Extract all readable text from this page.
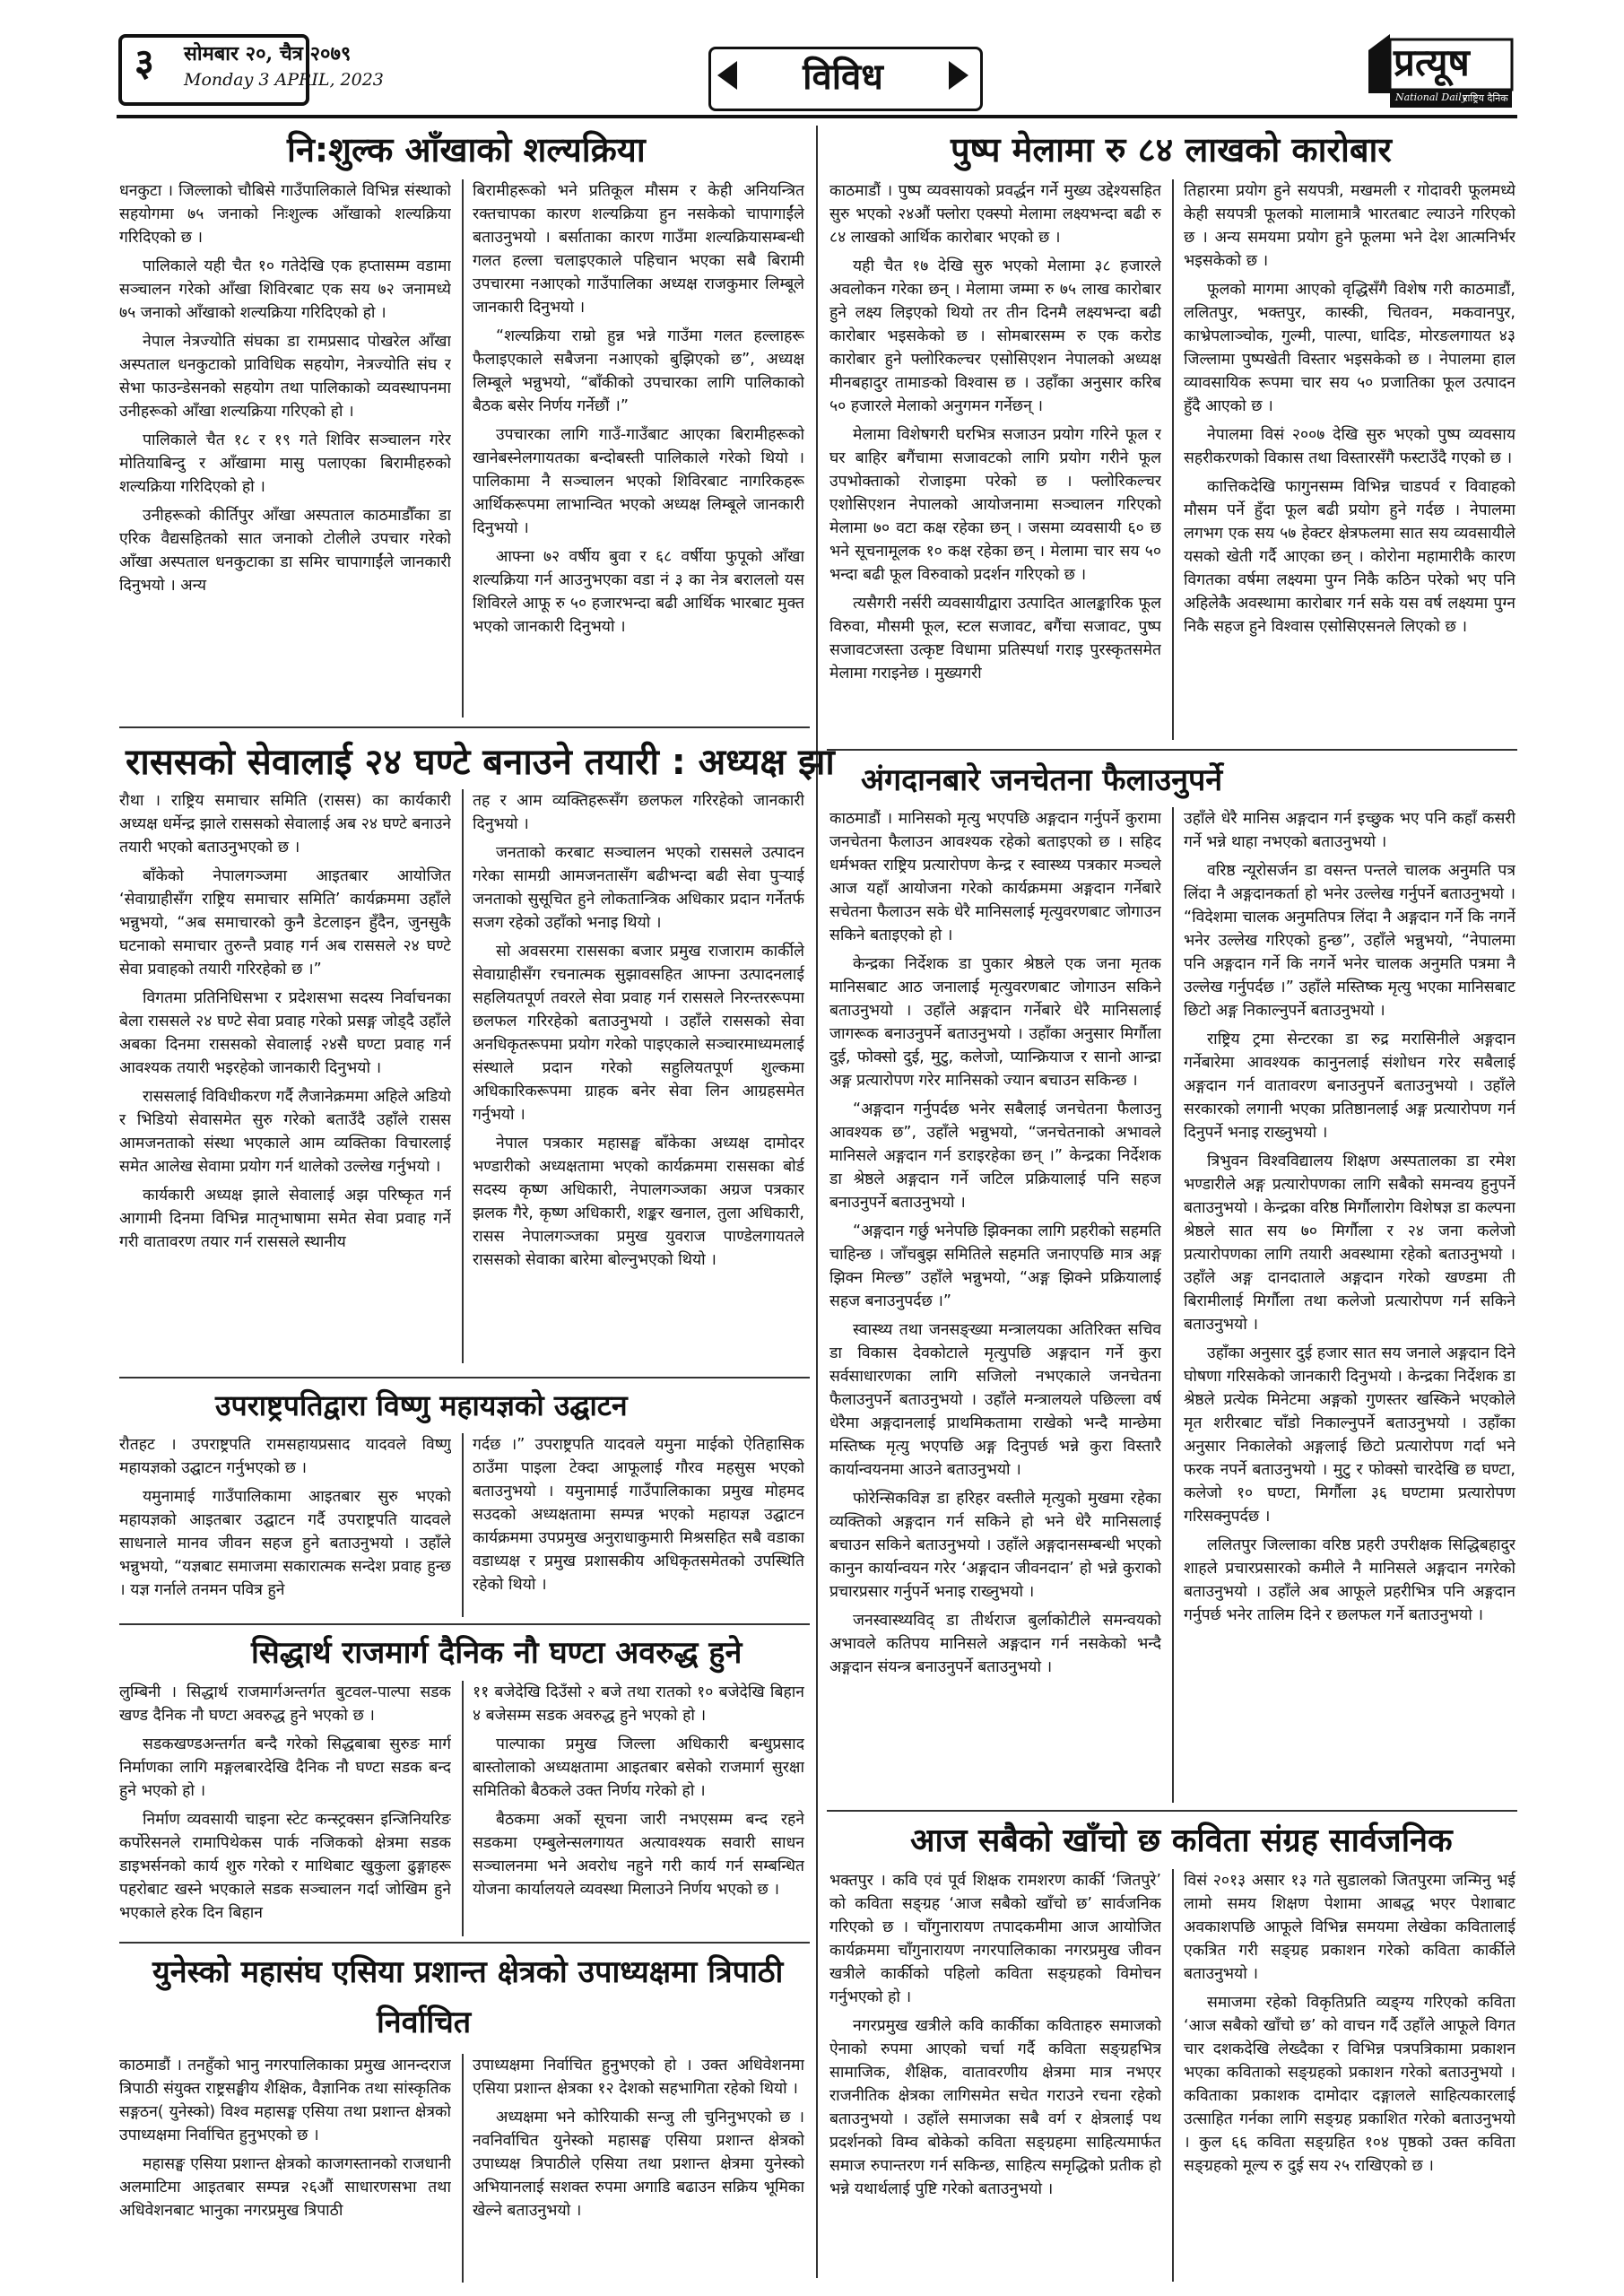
३	सोमबार २०, चैत्र २०७९
Monday 3 APRIL, 2023	विविध	प्रत्यूष
National Daily
राष्ट्रिय दैनिक
नि:शुल्क आँखाको शल्यक्रिया

धनकुटा । जिल्लाको चौबिसे गाउँपालिकाले विभिन्न संस्थाको सहयोगमा ७५ जनाको निःशुल्क आँखाको शल्यक्रिया गरिदिएको छ ।

पालिकाले यही चैत १० गतेदेखि एक हप्तासम्म वडामा सञ्चालन गरेको आँखा शिविरबाट एक सय ७२ जनामध्ये ७५ जनाको आँखाको शल्यक्रिया गरिदिएको हो ।

नेपाल नेत्रज्योति संघका डा रामप्रसाद पोखरेल आँखा अस्पताल धनकुटाको प्राविधिक सहयोग, नेत्रज्योति संघ र सेभा फाउन्डेसनको सहयोग तथा पालिकाको व्यवस्थापनमा उनीहरूको आँखा शल्यक्रिया गरिएको हो ।

पालिकाले चैत १८ र १९ गते शिविर सञ्चालन गरेर मोतियाबिन्दु र आँखामा मासु पलाएका बिरामीहरुको शल्यक्रिया गरिदिएको हो ।

उनीहरूको कीर्तिपुर आँखा अस्पताल काठमाडौँका डा एरिक वैद्यसहितको सात जनाको टोलीले उपचार गरेको आँखा अस्पताल धनकुटाका डा समिर चापागाईंले जानकारी दिनुभयो । अन्य

बिरामीहरूको भने प्रतिकूल मौसम र केही अनियन्त्रित रक्तचापका कारण शल्यक्रिया हुन नसकेको चापागाईंले बताउनुभयो । बर्साताका कारण गाउँमा शल्यक्रियासम्बन्धी गलत हल्ला चलाइएकाले पहिचान भएका सबै बिरामी उपचारमा नआएको गाउँपालिका अध्यक्ष राजकुमार लिम्बूले जानकारी दिनुभयो ।

“शल्यक्रिया राम्रो हुन्न भन्ने गाउँमा गलत हल्लाहरू फैलाइएकाले सबैजना नआएको बुझिएको छ”, अध्यक्ष लिम्बूले भन्नुभयो, “बाँकीको उपचारका लागि पालिकाको बैठक बसेर निर्णय गर्नेछौं ।”

उपचारका लागि गाउँ-गाउँबाट आएका बिरामीहरूको खानेबस्नेलगायतका बन्दोबस्ती पालिकाले गरेको थियो । पालिकामा नै सञ्चालन भएको शिविरबाट नागरिकहरू आर्थिकरूपमा लाभान्वित भएको अध्यक्ष लिम्बूले जानकारी दिनुभयो ।

आफ्ना ७२ वर्षीय बुवा र ६८ वर्षीया फुपूको आँखा शल्यक्रिया गर्न आउनुभएका वडा नं ३ का नेत्र बराललो यस शिविरले आफू रु ५० हजारभन्दा बढी आर्थिक भारबाट मुक्त भएको जानकारी दिनुभयो ।

पुष्प मेलामा रु ८४ लाखको कारोबार

काठमाडौं । पुष्प व्यवसायको प्रवर्द्धन गर्ने मुख्य उद्देश्यसहित सुरु भएको २४औं फ्लोरा एक्स्पो मेलामा लक्ष्यभन्दा बढी रु ८४ लाखको आर्थिक कारोबार भएको छ ।

यही चैत १७ देखि सुरु भएको मेलामा ३८ हजारले अवलोकन गरेका छन् । मेलामा जम्मा रु ७५ लाख कारोबार हुने लक्ष्य लिइएको थियो तर तीन दिनमै लक्ष्यभन्दा बढी कारोबार भइसकेको छ । सोमबारसम्म रु एक करोड कारोबार हुने फ्लोरिकल्चर एसोसिएशन नेपालको अध्यक्ष मीनबहादुर तामाङको विश्वास छ । उहाँका अनुसार करिब ५० हजारले मेलाको अनुगमन गर्नेछन् ।

मेलामा विशेषगरी घरभित्र सजाउन प्रयोग गरिने फूल र घर बाहिर बगैंचामा सजावटको लागि प्रयोग गरीने फूल उपभोक्ताको रोजाइमा परेको छ । फ्लोरिकल्चर एशोसिएशन नेपालको आयोजनामा सञ्चालन गरिएको मेलामा ७० वटा कक्ष रहेका छन् । जसमा व्यवसायी ६० छ भने सूचनामूलक १० कक्ष रहेका छन् । मेलामा चार सय ५० भन्दा बढी फूल विरुवाको प्रदर्शन गरिएको छ ।

त्यसैगरी नर्सरी व्यवसायीद्वारा उत्पादित आलङ्कारिक फूल विरुवा, मौसमी फूल, स्टल सजावट, बगैंचा सजावट, पुष्प सजावटजस्ता उत्कृष्ट विधामा प्रतिस्पर्धा गराइ पुरस्कृतसमेत मेलामा गराइनेछ । मुख्यगरी

तिहारमा प्रयोग हुने सयपत्री, मखमली र गोदावरी फूलमध्ये केही सयपत्री फूलको मालामात्रै भारतबाट ल्याउने गरिएको छ । अन्य समयमा प्रयोग हुने फूलमा भने देश आत्मनिर्भर भइसकेको छ ।

फूलको मागमा आएको वृद्धिसँगै विशेष गरी काठमाडौं, ललितपुर, भक्तपुर, कास्की, चितवन, मकवानपुर, काभ्रेपलाञ्चोक, गुल्मी, पाल्पा, धादिङ, मोरङलगायत ४३ जिल्लामा पुष्पखेती विस्तार भइसकेको छ । नेपालमा हाल व्यावसायिक रूपमा चार सय ५० प्रजातिका फूल उत्पादन हुँदै आएको छ ।

नेपालमा विसं २००७ देखि सुरु भएको पुष्प व्यवसाय सहरीकरणको विकास तथा विस्तारसँगै फस्टाउँदै गएको छ ।

कात्तिकदेखि फागुनसम्म विभिन्न चाडपर्व र विवाहको मौसम पर्ने हुँदा फूल बढी प्रयोग हुने गर्दछ । नेपालमा लगभग एक सय ५७ हेक्टर क्षेत्रफलमा सात सय व्यवसायीले यसको खेती गर्दै आएका छन् । कोरोना महामारीकै कारण विगतका वर्षमा लक्ष्यमा पुग्न निकै कठिन परेको भए पनि अहिलेकै अवस्थामा कारोबार गर्न सके यस वर्ष लक्ष्यमा पुग्न निकै सहज हुने विश्वास एसोसिएसनले लिएको छ ।

राससको सेवालाई २४ घण्टे बनाउने तयारी : अध्यक्ष झा

रौथा । राष्ट्रिय समाचार समिति (रासस) का कार्यकारी अध्यक्ष धर्मेन्द्र झाले राससको सेवालाई अब २४ घण्टे बनाउने तयारी भएको बताउनुभएको छ ।

बाँकेको नेपालगञ्जमा आइतबार आयोजित ‘सेवाग्राहीसँग राष्ट्रिय समाचार समिति’ कार्यक्रममा उहाँले भन्नुभयो, “अब समाचारको कुनै डेटलाइन हुँदैन, जुनसुकै घटनाको समाचार तुरुन्तै प्रवाह गर्न अब राससले २४ घण्टे सेवा प्रवाहको तयारी गरिरहेको छ ।”

विगतमा प्रतिनिधिसभा र प्रदेशसभा सदस्य निर्वाचनका बेला राससले २४ घण्टे सेवा प्रवाह गरेको प्रसङ्ग जोड्दै उहाँले अबका दिनमा राससको सेवालाई २४सै घण्टा प्रवाह गर्न आवश्यक तयारी भइरहेको जानकारी दिनुभयो ।

राससलाई विविधीकरण गर्दै लैजानेक्रममा अहिले अडियो र भिडियो सेवासमेत सुरु गरेको बताउँदै उहाँले रासस आमजनताको संस्था भएकाले आम व्यक्तिका विचारलाई समेत आलेख सेवामा प्रयोग गर्न थालेको उल्लेख गर्नुभयो ।

कार्यकारी अध्यक्ष झाले सेवालाई अझ परिष्कृत गर्न आगामी दिनमा विभिन्न मातृभाषामा समेत सेवा प्रवाह गर्ने गरी वातावरण तयार गर्न राससले स्थानीय

तह र आम व्यक्तिहरूसँग छलफल गरिरहेको जानकारी दिनुभयो ।

जनताको करबाट सञ्चालन भएको राससले उत्पादन गरेका सामग्री आमजनतासँग बढीभन्दा बढी सेवा पुऱ्याई जनताको सुसूचित हुने लोकतान्त्रिक अधिकार प्रदान गर्नेतर्फ सजग रहेको उहाँको भनाइ थियो ।

सो अवसरमा राससका बजार प्रमुख राजाराम कार्कीले सेवाग्राहीसँग रचनात्मक सुझावसहित आफ्ना उत्पादनलाई सहलियतपूर्ण तवरले सेवा प्रवाह गर्न राससले निरन्तररूपमा छलफल गरिरहेको बताउनुभयो । उहाँले राससको सेवा अनधिकृतरूपमा प्रयोग गरेको पाइएकाले सञ्चारमाध्यमलाई संस्थाले प्रदान गरेको सहुलियतपूर्ण शुल्कमा अधिकारिकरूपमा ग्राहक बनेर सेवा लिन आग्रहसमेत गर्नुभयो ।

नेपाल पत्रकार महासङ्घ बाँकेका अध्यक्ष दामोदर भण्डारीको अध्यक्षतामा भएको कार्यक्रममा राससका बोर्ड सदस्य कृष्ण अधिकारी, नेपालगञ्जका अग्रज पत्रकार झलक गैरे, कृष्ण अधिकारी, शङ्कर खनाल, तुला अधिकारी, रासस नेपालगञ्जका प्रमुख युवराज पाण्डेलगायतले राससको सेवाका बारेमा बोल्नुभएको थियो ।

अंगदानबारे जनचेतना फैलाउनुपर्ने

काठमाडौं । मानिसको मृत्यु भएपछि अङ्गदान गर्नुपर्ने कुरामा जनचेतना फैलाउन आवश्यक रहेको बताइएको छ । सहिद धर्मभक्त राष्ट्रिय प्रत्यारोपण केन्द्र र स्वास्थ्य पत्रकार मञ्चले आज यहाँ आयोजना गरेको कार्यक्रममा अङ्गदान गर्नेबारे सचेतना फैलाउन सके धेरै मानिसलाई मृत्युवरणबाट जोगाउन सकिने बताइएको हो ।

केन्द्रका निर्देशक डा पुकार श्रेष्ठले एक जना मृतक मानिसबाट आठ जनालाई मृत्युवरणबाट जोगाउन सकिने बताउनुभयो । उहाँले अङ्गदान गर्नेबारे धेरै मानिसलाई जागरूक बनाउनुपर्ने बताउनुभयो । उहाँका अनुसार मिर्गौला दुई, फोक्सो दुई, मुटु, कलेजो, प्यान्क्रियाज र सानो आन्द्रा अङ्ग प्रत्यारोपण गरेर मानिसको ज्यान बचाउन सकिन्छ ।

“अङ्गदान गर्नुपर्दछ भनेर सबैलाई जनचेतना फैलाउनु आवश्यक छ”, उहाँले भन्नुभयो, “जनचेतनाको अभावले मानिसले अङ्गदान गर्न डराइरहेका छन् ।” केन्द्रका निर्देशक डा श्रेष्ठले अङ्गदान गर्ने जटिल प्रक्रियालाई पनि सहज बनाउनुपर्ने बताउनुभयो ।

“अङ्गदान गर्छु भनेपछि झिक्नका लागि प्रहरीको सहमति चाहिन्छ । जाँचबुझ समितिले सहमति जनाएपछि मात्र अङ्ग झिक्न मिल्छ” उहाँले भन्नुभयो, “अङ्ग झिक्ने प्रक्रियालाई सहज बनाउनुपर्दछ ।”

स्वास्थ्य तथा जनसङ्ख्या मन्त्रालयका अतिरिक्त सचिव डा विकास देवकोटाले मृत्युपछि अङ्गदान गर्ने कुरा सर्वसाधारणका लागि सजिलो नभएकाले जनचेतना फैलाउनुपर्ने बताउनुभयो । उहाँले मन्त्रालयले पछिल्ला वर्ष धेरैमा अङ्गदानलाई प्राथमिकतामा राखेको भन्दै मान्छेमा मस्तिष्क मृत्यु भएपछि अङ्ग दिनुपर्छ भन्ने कुरा विस्तारै कार्यान्वयनमा आउने बताउनुभयो ।

फोरेन्सिकविज्ञ डा हरिहर वस्तीले मृत्युको मुखमा रहेका व्यक्तिको अङ्गदान गर्न सकिने हो भने धेरै मानिसलाई बचाउन सकिने बताउनुभयो । उहाँले अङ्गदानसम्बन्धी भएको कानुन कार्यान्वयन गरेर ‘अङ्गदान जीवनदान’ हो भन्ने कुराको प्रचारप्रसार गर्नुपर्ने भनाइ राख्नुभयो ।

जनस्वास्थ्यविद् डा तीर्थराज बुर्लाकोटीले समन्वयको अभावले कतिपय मानिसले अङ्गदान गर्न नसकेको भन्दै अङ्गदान संयन्त्र बनाउनुपर्ने बताउनुभयो ।

उहाँले धेरै मानिस अङ्गदान गर्न इच्छुक भए पनि कहाँ कसरी गर्ने भन्ने थाहा नभएको बताउनुभयो ।

वरिष्ठ न्यूरोसर्जन डा वसन्त पन्तले चालक अनुमति पत्र लिंदा नै अङ्गदानकर्ता हो भनेर उल्लेख गर्नुपर्ने बताउनुभयो । “विदेशमा चालक अनुमतिपत्र लिंदा नै अङ्गदान गर्ने कि नगर्ने भनेर उल्लेख गरिएको हुन्छ”, उहाँले भन्नुभयो, “नेपालमा पनि अङ्गदान गर्ने कि नगर्ने भनेर चालक अनुमति पत्रमा नै उल्लेख गर्नुपर्दछ ।” उहाँले मस्तिष्क मृत्यु भएका मानिसबाट छिटो अङ्ग निकाल्नुपर्ने बताउनुभयो ।

राष्ट्रिय ट्रमा सेन्टरका डा रुद्र मरासिनीले अङ्गदान गर्नेबारेमा आवश्यक कानुनलाई संशोधन गरेर सबैलाई अङ्गदान गर्न वातावरण बनाउनुपर्ने बताउनुभयो । उहाँले सरकारको लगानी भएका प्रतिष्ठानलाई अङ्ग प्रत्यारोपण गर्न दिनुपर्ने भनाइ राख्नुभयो ।

त्रिभुवन विश्वविद्यालय शिक्षण अस्पतालका डा रमेश भण्डारीले अङ्ग प्रत्यारोपणका लागि सबैको समन्वय हुनुपर्ने बताउनुभयो । केन्द्रका वरिष्ठ मिर्गौलारोग विशेषज्ञ डा कल्पना श्रेष्ठले सात सय ७० मिर्गौला र २४ जना कलेजो प्रत्यारोपणका लागि तयारी अवस्थामा रहेको बताउनुभयो । उहाँले अङ्ग दानदाताले अङ्गदान गरेको खण्डमा ती बिरामीलाई मिर्गौला तथा कलेजो प्रत्यारोपण गर्न सकिने बताउनुभयो ।

उहाँका अनुसार दुई हजार सात सय जनाले अङ्गदान दिने घोषणा गरिसकेको जानकारी दिनुभयो । केन्द्रका निर्देशक डा श्रेष्ठले प्रत्येक मिनेटमा अङ्गको गुणस्तर खस्किने भएकोले मृत शरीरबाट चाँडो निकाल्नुपर्ने बताउनुभयो । उहाँका अनुसार निकालेको अङ्गलाई छिटो प्रत्यारोपण गर्दा भने फरक नपर्ने बताउनुभयो । मुटु र फोक्सो चारदेखि छ घण्टा, कलेजो १० घण्टा, मिर्गौला ३६ घण्टामा प्रत्यारोपण गरिसक्नुपर्दछ ।

ललितपुर जिल्लाका वरिष्ठ प्रहरी उपरीक्षक सिद्धिबहादुर शाहले प्रचारप्रसारको कमीले नै मानिसले अङ्गदान नगरेको बताउनुभयो । उहाँले अब आफूले प्रहरीभित्र पनि अङ्गदान गर्नुपर्छ भनेर तालिम दिने र छलफल गर्ने बताउनुभयो ।

उपराष्ट्रपतिद्वारा विष्णु महायज्ञको उद्घाटन

रौतहट । उपराष्ट्रपति रामसहायप्रसाद यादवले विष्णु महायज्ञको उद्घाटन गर्नुभएको छ ।

यमुनामाई गाउँपालिकामा आइतबार सुरु भएको महायज्ञको आइतबार उद्घाटन गर्दै उपराष्ट्रपति यादवले साधनाले मानव जीवन सहज हुने बताउनुभयो । उहाँले भन्नुभयो, “यज्ञबाट समाजमा सकारात्मक सन्देश प्रवाह हुन्छ । यज्ञ गर्नाले तनमन पवित्र हुने

गर्दछ ।” उपराष्ट्रपति यादवले यमुना माईको ऐतिहासिक ठाउँमा पाइला टेक्दा आफूलाई गौरव महसुस भएको बताउनुभयो । यमुनामाई गाउँपालिकाका प्रमुख मोहमद सउदको अध्यक्षतामा सम्पन्न भएको महायज्ञ उद्घाटन कार्यक्रममा उपप्रमुख अनुराधाकुमारी मिश्रसहित सबै वडाका वडाध्यक्ष र प्रमुख प्रशासकीय अधिकृतसमेतको उपस्थिति रहेको थियो ।

सिद्धार्थ राजमार्ग दैनिक नौ घण्टा अवरुद्ध हुने

लुम्बिनी । सिद्धार्थ राजमार्गअन्तर्गत बुटवल-पाल्पा सडक खण्ड दैनिक नौ घण्टा अवरुद्ध हुने भएको छ ।

सडकखण्डअन्तर्गत बन्दै गरेको सिद्धबाबा सुरुङ मार्ग निर्माणका लागि मङ्गलबारदेखि दैनिक नौ घण्टा सडक बन्द हुने भएको हो ।

निर्माण व्यवसायी चाइना स्टेट कन्स्ट्रक्सन इन्जिनियरिङ कर्पोरेसनले रामापिथेकस पार्क नजिकको क्षेत्रमा सडक डाइभर्सनको कार्य शुरु गरेको र माथिबाट खुकुला ढुङ्गाहरू पहरोबाट खस्ने भएकाले सडक सञ्चालन गर्दा जोखिम हुने भएकाले हरेक दिन बिहान

११ बजेदेखि दिउँसो २ बजे तथा रातको १० बजेदेखि बिहान ४ बजेसम्म सडक अवरुद्ध हुने भएको हो ।

पाल्पाका प्रमुख जिल्ला अधिकारी बन्धुप्रसाद बास्तोलाको अध्यक्षतामा आइतबार बसेको राजमार्ग सुरक्षा समितिको बैठकले उक्त निर्णय गरेको हो ।

बैठकमा अर्को सूचना जारी नभएसम्म बन्द रहने सडकमा एम्बुलेन्सलगायत अत्यावश्यक सवारी साधन सञ्चालनमा भने अवरोध नहुने गरी कार्य गर्न सम्बन्धित योजना कार्यालयले व्यवस्था मिलाउने निर्णय भएको छ ।

आज सबैको खाँचो छ कविता संग्रह सार्वजनिक

भक्तपुर । कवि एवं पूर्व शिक्षक रामशरण कार्की ‘जितपुरे’ को कविता सङ्ग्रह ‘आज सबैको खाँचो छ’ सार्वजनिक गरिएको छ । चाँगुनारायण तपादकमीमा आज आयोजित कार्यक्रममा चाँगुनारायण नगरपालिकाका नगरप्रमुख जीवन खत्रीले कार्कीको पहिलो कविता सङ्ग्रहको विमोचन गर्नुभएको हो ।

नगरप्रमुख खत्रीले कवि कार्कीका कविताहरु समाजको ऐनाको रुपमा आएको चर्चा गर्दै कविता सङ्ग्रहभित्र सामाजिक, शैक्षिक, वातावरणीय क्षेत्रमा मात्र नभएर राजनीतिक क्षेत्रका लागिसमेत सचेत गराउने रचना रहेको बताउनुभयो । उहाँले समाजका सबै वर्ग र क्षेत्रलाई पथ प्रदर्शनको विम्व बोकेको कविता सङ्ग्रहमा साहित्यमार्फत समाज रुपान्तरण गर्न सकिन्छ, साहित्य समृद्धिको प्रतीक हो भन्ने यथार्थलाई पुष्टि गरेको बताउनुभयो ।

विसं २०१३ असार १३ गते सुडालको जितपुरमा जन्मिनु भई लामो समय शिक्षण पेशामा आबद्ध भएर पेशाबाट अवकाशपछि आफूले विभिन्न समयमा लेखेका कवितालाई एकत्रित गरी सङ्ग्रह प्रकाशन गरेको कविता कार्कीले बताउनुभयो ।

समाजमा रहेको विकृतिप्रति व्यङ्ग्य गरिएको कविता ‘आज सबैको खाँचो छ’ को वाचन गर्दै उहाँले आफूले विगत चार दशकदेखि लेख्दैका र विभिन्न पत्रपत्रिकामा प्रकाशन भएका कविताको सङ्ग्रहको प्रकाशन गरेको बताउनुभयो । कविताका प्रकाशक दामोदार दङ्गालले साहित्यकारलाई उत्साहित गर्नका लागि सङ्ग्रह प्रकाशित गरेको बताउनुभयो । कुल ६६ कविता सङ्ग्रहित १०४ पृष्ठको उक्त कविता सङ्ग्रहको मूल्य रु दुई सय २५ राखिएको छ ।

युनेस्को महासंघ एसिया प्रशान्त क्षेत्रको उपाध्यक्षमा त्रिपाठी
निर्वाचित

काठमाडौं । तनहुँको भानु नगरपालिकाका प्रमुख आनन्दराज त्रिपाठी संयुक्त राष्ट्रसङ्घीय शैक्षिक, वैज्ञानिक तथा सांस्कृतिक सङ्गठन( युनेस्को) विश्व महासङ्घ एसिया तथा प्रशान्त क्षेत्रको उपाध्यक्षमा निर्वाचित हुनुभएको छ ।

महासङ्घ एसिया प्रशान्त क्षेत्रको काजगस्तानको राजधानी अलमाटिमा आइतबार सम्पन्न २६औं साधारणसभा तथा अधिवेशनबाट भानुका नगरप्रमुख त्रिपाठी

उपाध्यक्षमा निर्वाचित हुनुभएको हो । उक्त अधिवेशनमा एसिया प्रशान्त क्षेत्रका १२ देशको सहभागिता रहेको थियो ।

अध्यक्षमा भने कोरियाकी सन्जु ली चुनिनुभएको छ । नवनिर्वाचित युनेस्को महासङ्घ एसिया प्रशान्त क्षेत्रको उपाध्यक्ष त्रिपाठीले एसिया तथा प्रशान्त क्षेत्रमा युनेस्को अभियानलाई सशक्त रुपमा अगाडि बढाउन सक्रिय भूमिका खेल्ने बताउनुभयो ।
